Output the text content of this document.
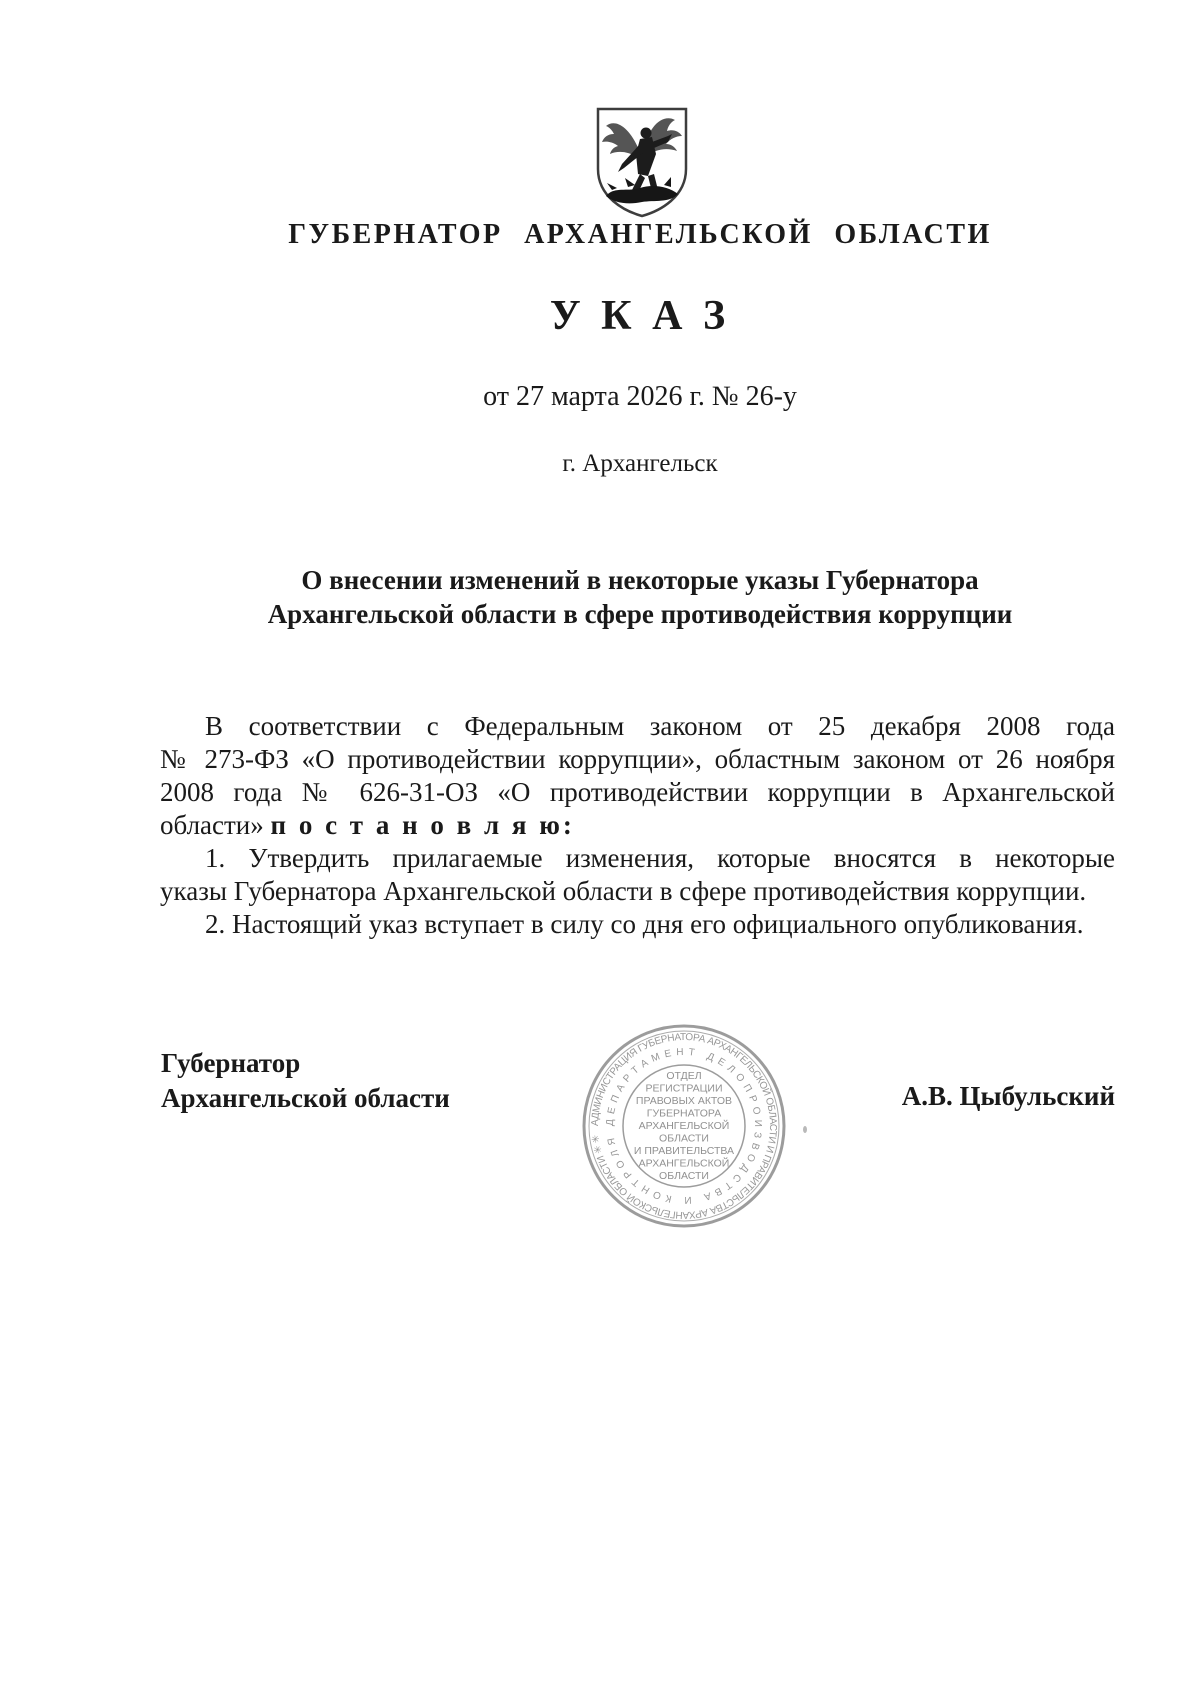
ГУБЕРНАТОР АРХАНГЕЛЬСКОЙ ОБЛАСТИ
У К А З
от 27 марта 2026 г. № 26-у
г. Архангельск
О внесении изменений в некоторые указы Губернатора
Архангельской области в сфере противодействия коррупции
В соответствии с Федеральным законом от 25 декабря 2008 года
№ 273-ФЗ «О противодействии коррупции», областным законом от 26 ноября
2008 года № 626-31-ОЗ «О противодействии коррупции в Архангельской
области» п о с т а н о в л я ю:
1. Утвердить прилагаемые изменения, которые вносятся в некоторые
указы Губернатора Архангельской области в сфере противодействия коррупции.
2. Настоящий указ вступает в силу со дня его официального опубликования.
Губернатор
Архангельской области	А.В. Цыбульский
АДМИНИСТРАЦИЯ ГУБЕРНАТОРА АРХАНГЕЛЬСКОЙ ОБЛАСТИ И ПРАВИТЕЛЬСТВА АРХАНГЕЛЬСКОЙ ОБЛАСТИ ✳ ✳
ДЕПАРТАМЕНТ ДЕЛОПРОИЗВОДСТВА И КОНТРОЛЯ
ОТДЕЛ
РЕГИСТРАЦИИ
ПРАВОВЫХ АКТОВ
ГУБЕРНАТОРА
АРХАНГЕЛЬСКОЙ
ОБЛАСТИ
И ПРАВИТЕЛЬСТВА
АРХАНГЕЛЬСКОЙ
ОБЛАСТИ
